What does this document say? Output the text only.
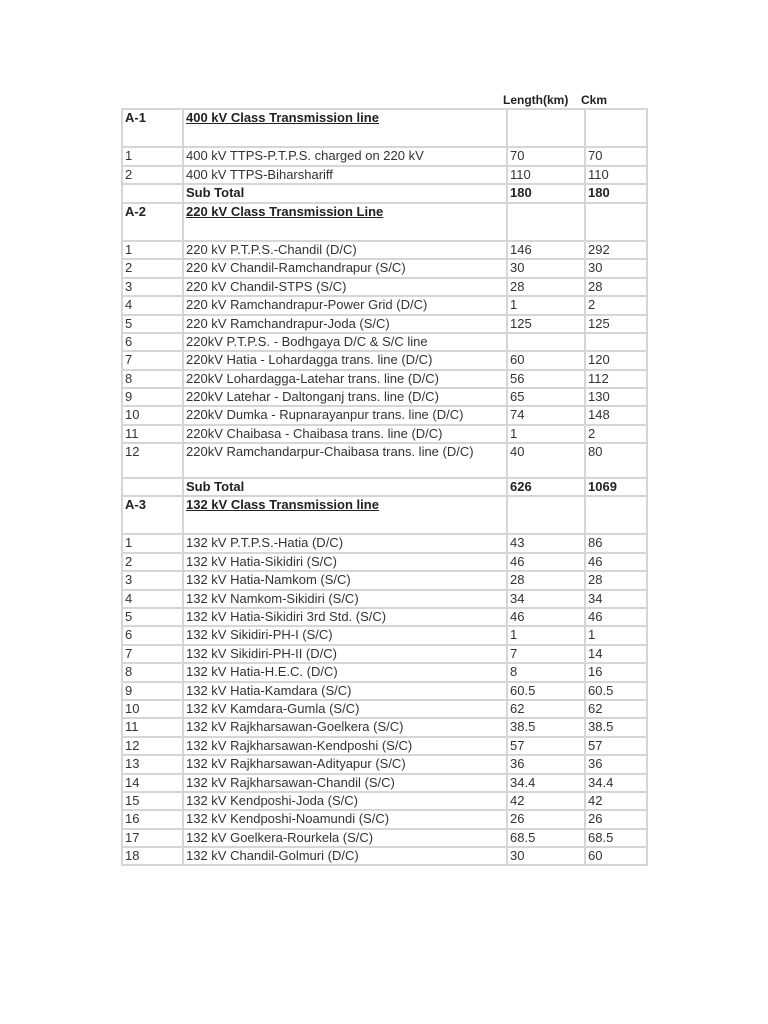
Length(km) Ckm
A-1	400 kV Class Transmission line		
1	400 kV TTPS-P.T.P.S. charged on 220 kV	70	70
2	400 kV TTPS-Biharshariff	110	110
	Sub Total	180	180
A-2	220 kV Class Transmission Line		
1	220 kV P.T.P.S.-Chandil (D/C)	146	292
2	220 kV Chandil-Ramchandrapur (S/C)	30	30
3	220 kV Chandil-STPS (S/C)	28	28
4	220 kV Ramchandrapur-Power Grid (D/C)	1	2
5	220 kV Ramchandrapur-Joda (S/C)	125	125
6	220kV P.T.P.S. - Bodhgaya D/C & S/C line		
7	220kV Hatia - Lohardagga trans. line (D/C)	60	120
8	220kV Lohardagga-Latehar trans. line (D/C)	56	112
9	220kV Latehar - Daltonganj trans. line (D/C)	65	130
10	220kV Dumka - Rupnarayanpur trans. line (D/C)	74	148
11	220kV Chaibasa - Chaibasa trans. line (D/C)	1	2
12	220kV Ramchandarpur-Chaibasa trans. line (D/C)	40	80
	Sub Total	626	1069
A-3	132 kV Class Transmission line		
1	132 kV P.T.P.S.-Hatia (D/C)	43	86
2	132 kV Hatia-Sikidiri (S/C)	46	46
3	132 kV Hatia-Namkom (S/C)	28	28
4	132 kV Namkom-Sikidiri (S/C)	34	34
5	132 kV Hatia-Sikidiri 3rd Std. (S/C)	46	46
6	132 kV Sikidiri-PH-I (S/C)	1	1
7	132 kV Sikidiri-PH-II (D/C)	7	14
8	132 kV Hatia-H.E.C. (D/C)	8	16
9	132 kV Hatia-Kamdara (S/C)	60.5	60.5
10	132 kV Kamdara-Gumla (S/C)	62	62
11	132 kV Rajkharsawan-Goelkera (S/C)	38.5	38.5
12	132 kV Rajkharsawan-Kendposhi (S/C)	57	57
13	132 kV Rajkharsawan-Adityapur (S/C)	36	36
14	132 kV Rajkharsawan-Chandil (S/C)	34.4	34.4
15	132 kV Kendposhi-Joda (S/C)	42	42
16	132 kV Kendposhi-Noamundi (S/C)	26	26
17	132 kV Goelkera-Rourkela (S/C)	68.5	68.5
18	132 kV Chandil-Golmuri (D/C)	30	60
